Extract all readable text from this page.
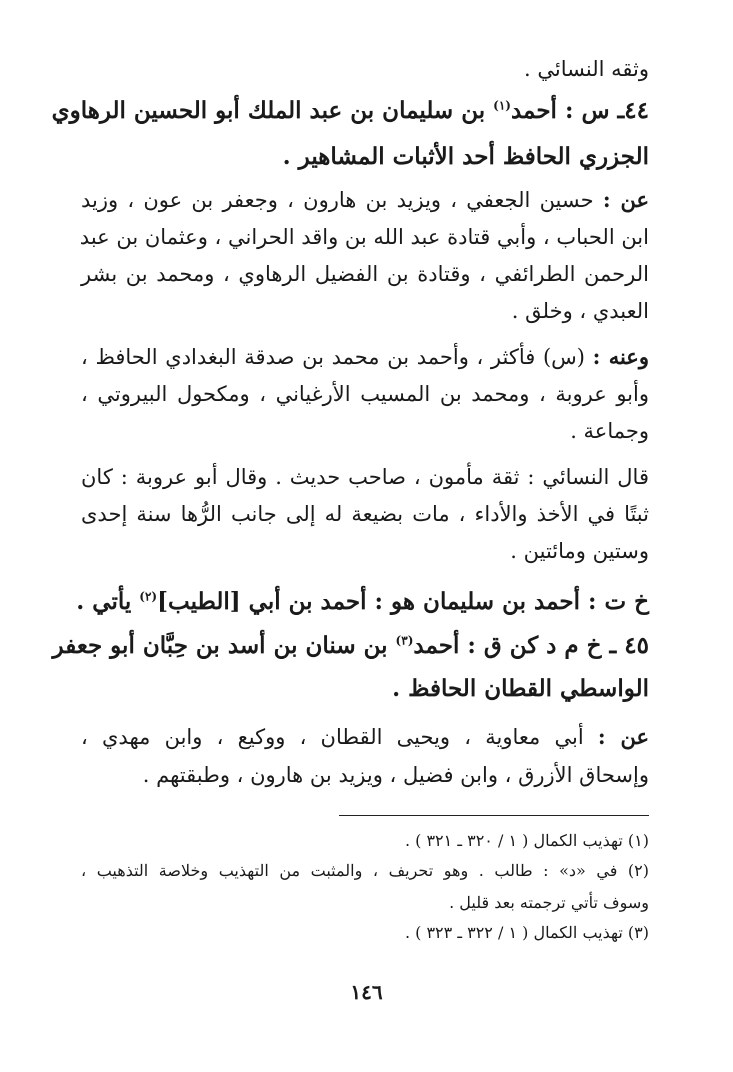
وثقه النسائي .
٤٤ـ س : أحمد$^{(١)}$ بن سليمان بن عبد الملك أبو الحسين الرهاوي
الجزري الحافظ أحد الأثبات المشاهير .
عن : حسين الجعفي ، ويزيد بن هارون ، وجعفر بن عون ، وزيد
ابن الحباب ، وأبي قتادة عبد الله بن واقد الحراني ، وعثمان بن عبد
الرحمن الطرائفي ، وقتادة بن الفضيل الرهاوي ، ومحمد بن بشر
العبدي ، وخلق .
وعنه : (س) فأكثر ، وأحمد بن محمد بن صدقة البغدادي الحافظ ،
وأبو عروبة ، ومحمد بن المسيب الأرغياني ، ومكحول البيروتي ،
وجماعة .
قال النسائي : ثقة مأمون ، صاحب حديث . وقال أبو عروبة : كان
ثبتًا في الأخذ والأداء ، مات بضيعة له إلى جانب الرُّها سنة إحدى
وستين ومائتين .
خ ت : أحمد بن سليمان هو : أحمد بن أبي [الطيب]$^{(٢)}$ يأتي .
٤٥ ـ خ م د كن ق : أحمد$^{(٣)}$ بن سنان بن أسد بن حِبَّان أبو جعفر
الواسطي القطان الحافظ .
عن : أبي معاوية ، ويحيى القطان ، ووكيع ، وابن مهدي ،
وإسحاق الأزرق ، وابن فضيل ، ويزيد بن هارون ، وطبقتهم .
(١) تهذيب الكمال ( ١ / ٣٢٠ ـ ٣٢١ ) .
(٢) في «د» : طالب . وهو تحريف ، والمثبت من التهذيب وخلاصة التذهيب ،
وسوف تأتي ترجمته بعد قليل .
(٣) تهذيب الكمال ( ١ / ٣٢٢ ـ ٣٢٣ ) .
١٤٦
